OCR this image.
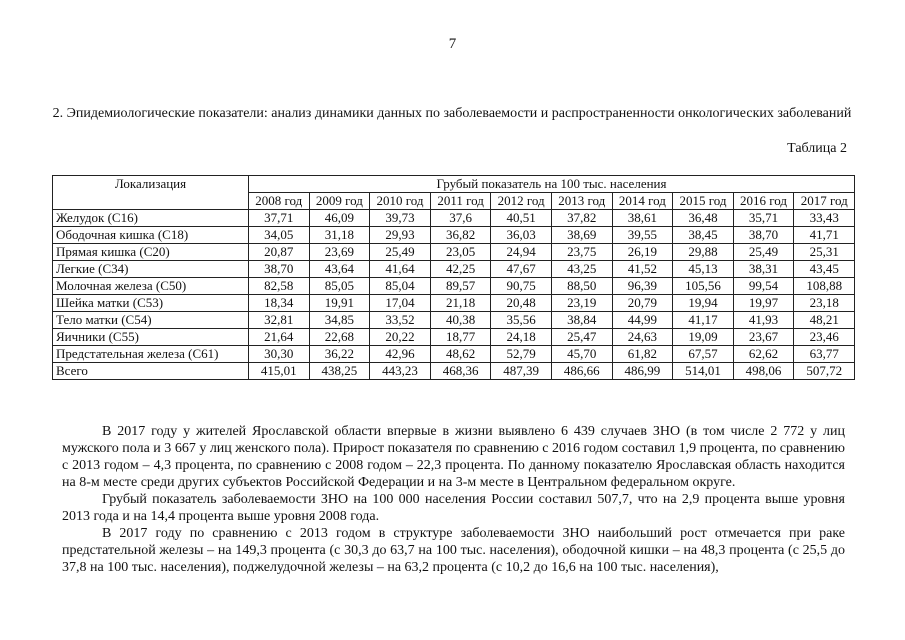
7
2. Эпидемиологические показатели: анализ динамики данных по заболеваемости и распространенности онкологических заболеваний
Таблица 2
Локализация	Грубый показатель на 100 тыс. населения									
	2008 год	2009 год	2010 год	2011 год	2012 год	2013 год	2014 год	2015 год	2016 год	2017 год
Желудок (С16)	37,71	46,09	39,73	37,6	40,51	37,82	38,61	36,48	35,71	33,43
Ободочная кишка (С18)	34,05	31,18	29,93	36,82	36,03	38,69	39,55	38,45	38,70	41,71
Прямая кишка (С20)	20,87	23,69	25,49	23,05	24,94	23,75	26,19	29,88	25,49	25,31
Легкие (С34)	38,70	43,64	41,64	42,25	47,67	43,25	41,52	45,13	38,31	43,45
Молочная железа (С50)	82,58	85,05	85,04	89,57	90,75	88,50	96,39	105,56	99,54	108,88
Шейка матки (С53)	18,34	19,91	17,04	21,18	20,48	23,19	20,79	19,94	19,97	23,18
Тело матки (С54)	32,81	34,85	33,52	40,38	35,56	38,84	44,99	41,17	41,93	48,21
Яичники (С55)	21,64	22,68	20,22	18,77	24,18	25,47	24,63	19,09	23,67	23,46
Предстательная железа (С61)	30,30	36,22	42,96	48,62	52,79	45,70	61,82	67,57	62,62	63,77
Всего	415,01	438,25	443,23	468,36	487,39	486,66	486,99	514,01	498,06	507,72

В 2017 году у жителей Ярославской области впервые в жизни выявлено 6 439 случаев ЗНО (в том числе 2 772 у лиц мужского пола и 3 667 у лиц женского пола). Прирост показателя по сравнению с 2016 годом составил 1,9 процента, по сравнению с 2013 годом – 4,3 процента, по сравнению с 2008 годом – 22,3 процента. По данному показателю Ярославская область находится на 8-м месте среди других субъектов Российской Федерации и на 3-м месте в Центральном федеральном округе.

Грубый показатель заболеваемости ЗНО на 100 000 населения России составил 507,7, что на 2,9 процента выше уровня 2013 года и на 14,4 процента выше уровня 2008 года.

В 2017 году по сравнению с 2013 годом в структуре заболеваемости ЗНО наибольший рост отмечается при раке предстательной железы – на 149,3 процента (с 30,3 до 63,7 на 100 тыс. населения), ободочной кишки – на 48,3 процента (с 25,5 до 37,8 на 100 тыс. населения), поджелудочной железы – на 63,2 процента (с 10,2 до 16,6 на 100 тыс. населения),
